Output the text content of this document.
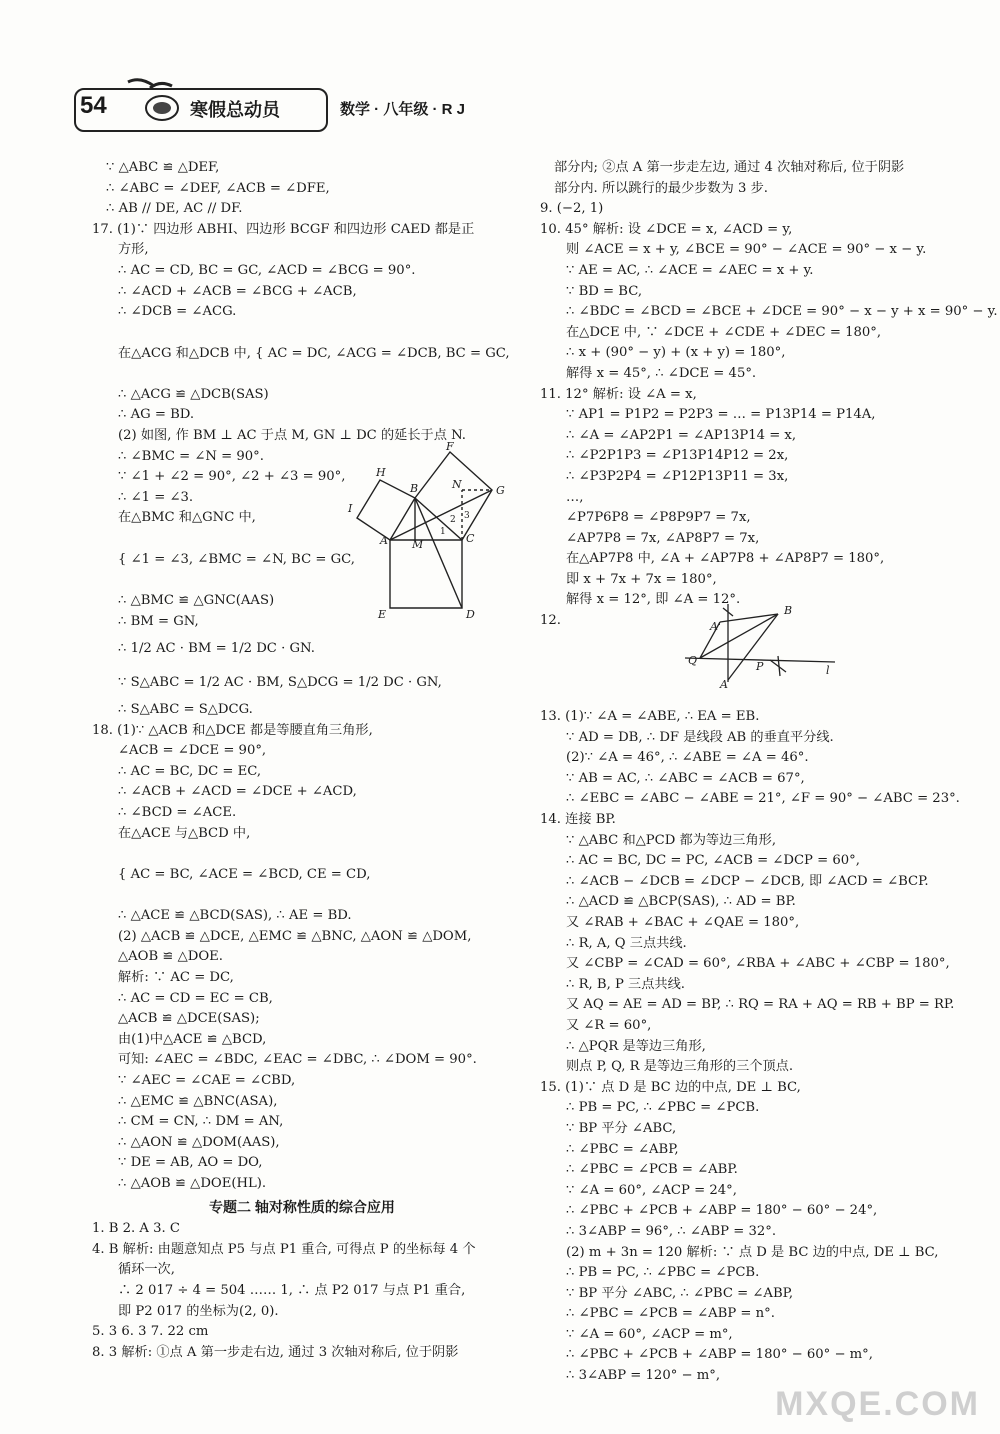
54	寒假总动员	数学 · 八年级 · R J

∵ △ABC ≌ △DEF,

∴ ∠ABC = ∠DEF, ∠ACB = ∠DFE,

∴ AB // DE, AC // DF.

17. (1)∵ 四边形 ABHI、四边形 BCGF 和四边形 CAED 都是正

方形,

∴ AC = CD, BC = GC, ∠ACD = ∠BCG = 90°.

∴ ∠ACD + ∠ACB = ∠BCG + ∠ACB,

∴ ∠DCB = ∠ACG.

在△ACG 和△DCB 中, { AC = DC, ∠ACG = ∠DCB, BC = GC,

∴ △ACG ≌ △DCB(SAS)

∴ AG = BD.

(2) 如图, 作 BM ⊥ AC 于点 M, GN ⊥ DC 的延长于点 N.

∴ ∠BMC = ∠N = 90°.

∵ ∠1 + ∠2 = 90°, ∠2 + ∠3 = 90°,

∴ ∠1 = ∠3.

在△BMC 和△GNC 中,

{ ∠1 = ∠3, ∠BMC = ∠N, BC = GC,

∴ △BMC ≌ △GNC(AAS)

∴ BM = GN,

∴ 1/2 AC · BM = 1/2 DC · GN.

∵ S△ABC = 1/2 AC · BM, S△DCG = 1/2 DC · GN,

∴ S△ABC = S△DCG.

18. (1)∵ △ACB 和△DCE 都是等腰直角三角形,

∠ACB = ∠DCE = 90°,

∴ AC = BC, DC = EC,

∴ ∠ACB + ∠ACD = ∠DCE + ∠ACD,

∴ ∠BCD = ∠ACE.

在△ACE 与△BCD 中,

{ AC = BC, ∠ACE = ∠BCD, CE = CD,

∴ △ACE ≌ △BCD(SAS), ∴ AE = BD.

(2) △ACB ≌ △DCE, △EMC ≌ △BNC, △AON ≌ △DOM,

△AOB ≌ △DOE.

解析: ∵ AC = DC,

∴ AC = CD = EC = CB,

△ACB ≌ △DCE(SAS);

由(1)中△ACE ≌ △BCD,

可知: ∠AEC = ∠BDC, ∠EAC = ∠DBC, ∴ ∠DOM = 90°.

∵ ∠AEC = ∠CAE = ∠CBD,

∴ △EMC ≌ △BNC(ASA),

∴ CM = CN, ∴ DM = AN,

∴ △AON ≌ △DOM(AAS),

∵ DE = AB, AO = DO,

∴ △AOB ≌ △DOE(HL).

专题二 轴对称性质的综合应用

1. B 2. A 3. C

4. B 解析: 由题意知点 P5 与点 P1 重合, 可得点 P 的坐标每 4 个

循环一次,

∴ 2 017 ÷ 4 = 504 …… 1, ∴ 点 P2 017 与点 P1 重合,

即 P2 017 的坐标为(2, 0).

5. 3 6. 3 7. 22 cm

8. 3 解析: ①点 A 第一步走右边, 通过 3 次轴对称后, 位于阴影

H
B
F
N	G
I
A M	C
E	D
1
2 3

部分内; ②点 A 第一步走左边, 通过 4 次轴对称后, 位于阴影

部分内. 所以跳行的最少步数为 3 步.

9. (−2, 1)

10. 45° 解析: 设 ∠DCE = x, ∠ACD = y,

则 ∠ACE = x + y, ∠BCE = 90° − ∠ACE = 90° − x − y.

∵ AE = AC, ∴ ∠ACE = ∠AEC = x + y.

∵ BD = BC,

∴ ∠BDC = ∠BCD = ∠BCE + ∠DCE = 90° − x − y + x = 90° − y.

在△DCE 中, ∵ ∠DCE + ∠CDE + ∠DEC = 180°,

∴ x + (90° − y) + (x + y) = 180°,

解得 x = 45°, ∴ ∠DCE = 45°.

11. 12° 解析: 设 ∠A = x,

∵ AP1 = P1P2 = P2P3 = … = P13P14 = P14A,

∴ ∠A = ∠AP2P1 = ∠AP13P14 = x,

∴ ∠P2P1P3 = ∠P13P14P12 = 2x,

∴ ∠P3P2P4 = ∠P12P13P11 = 3x,

…,

∠P7P6P8 = ∠P8P9P7 = 7x,

∠AP7P8 = 7x, ∠AP8P7 = 7x,

在△AP7P8 中, ∠A + ∠AP7P8 + ∠AP8P7 = 180°,

即 x + 7x + 7x = 180°,

解得 x = 12°, 即 ∠A = 12°.

12.

13. (1)∵ ∠A = ∠ABE, ∴ EA = EB.

∵ AD = DB, ∴ DF 是线段 AB 的垂直平分线.

(2)∵ ∠A = 46°, ∴ ∠ABE = ∠A = 46°.

∵ AB = AC, ∴ ∠ABC = ∠ACB = 67°,

∴ ∠EBC = ∠ABC − ∠ABE = 21°, ∠F = 90° − ∠ABC = 23°.

14. 连接 BP.

∵ △ABC 和△PCD 都为等边三角形,

∴ AC = BC, DC = PC, ∠ACB = ∠DCP = 60°,

∴ ∠ACB − ∠DCB = ∠DCP − ∠DCB, 即 ∠ACD = ∠BCP.

∴ △ACD ≌ △BCP(SAS), ∴ AD = BP.

又 ∠RAB + ∠BAC + ∠QAE = 180°,

∴ R, A, Q 三点共线.

又 ∠CBP = ∠CAD = 60°, ∠RBA + ∠ABC + ∠CBP = 180°,

∴ R, B, P 三点共线.

又 AQ = AE = AD = BP, ∴ RQ = RA + AQ = RB + BP = RP.

又 ∠R = 60°,

∴ △PQR 是等边三角形,

则点 P, Q, R 是等边三角形的三个顶点.

15. (1)∵ 点 D 是 BC 边的中点, DE ⊥ BC,

∴ PB = PC, ∴ ∠PBC = ∠PCB.

∵ BP 平分 ∠ABC,

∴ ∠PBC = ∠ABP,

∴ ∠PBC = ∠PCB = ∠ABP.

∵ ∠A = 60°, ∠ACP = 24°,

∴ ∠PBC + ∠PCB + ∠ABP = 180° − 60° − 24°,

∴ 3∠ABP = 96°, ∴ ∠ABP = 32°.

(2) m + 3n = 120 解析: ∵ 点 D 是 BC 边的中点, DE ⊥ BC,

∴ PB = PC, ∴ ∠PBC = ∠PCB.

∵ BP 平分 ∠ABC, ∴ ∠PBC = ∠ABP,

∴ ∠PBC = ∠PCB = ∠ABP = n°.

∵ ∠A = 60°, ∠ACP = m°,

∴ ∠PBC + ∠PCB + ∠ABP = 180° − 60° − m°,

∴ 3∠ABP = 120° − m°,

B
A'
Q
A
P	l
MXQE.COM
